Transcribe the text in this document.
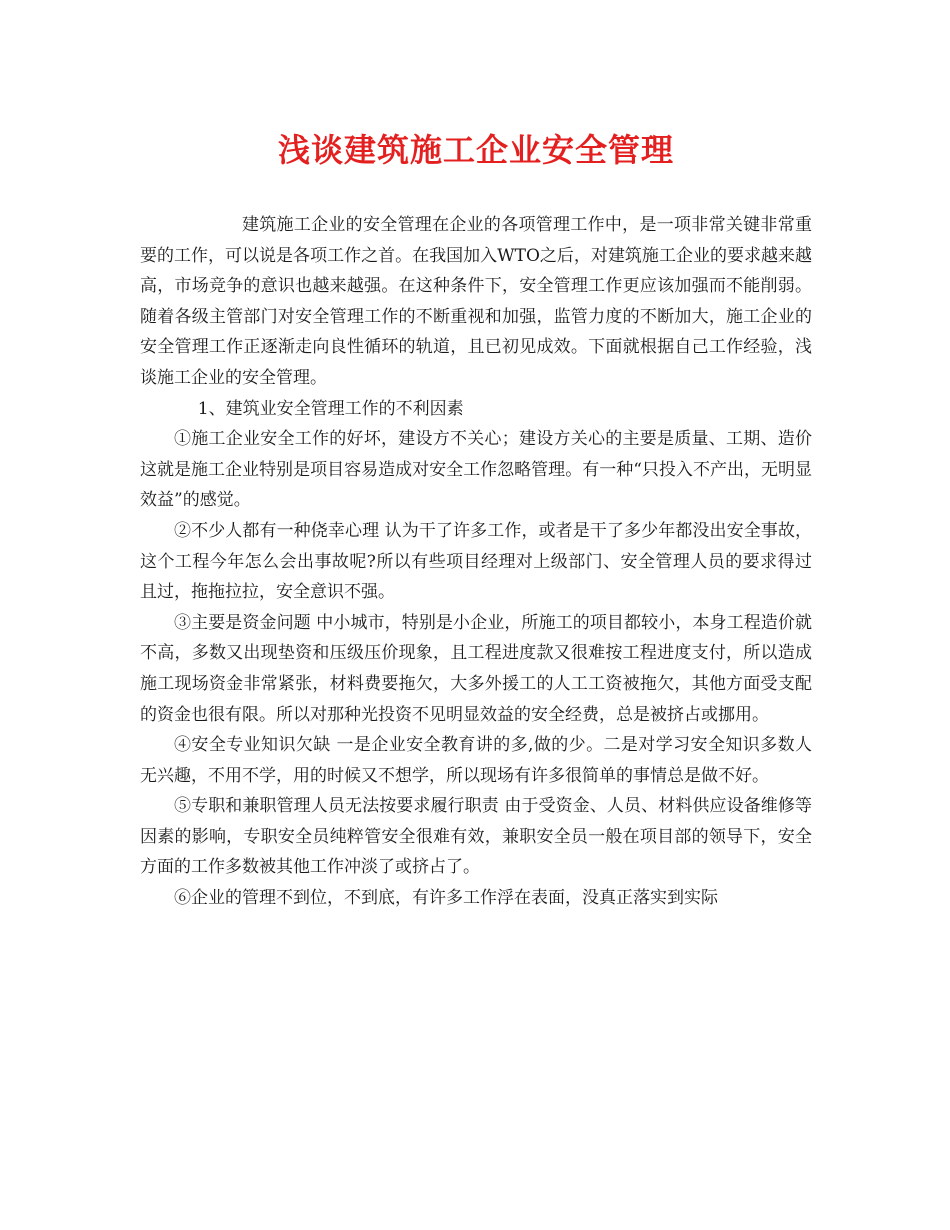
浅谈建筑施工企业安全管理

建筑施工企业的安全管理在企业的各项管理工作中，是一项非常关键非常重要的工作，可以说是各项工作之首。在我国加入WTO之后，对建筑施工企业的要求越来越高，市场竞争的意识也越来越强。在这种条件下，安全管理工作更应该加强而不能削弱。随着各级主管部门对安全管理工作的不断重视和加强，监管力度的不断加大，施工企业的安全管理工作正逐渐走向良性循环的轨道，且已初见成效。下面就根据自己工作经验，浅谈施工企业的安全管理。

1、建筑业安全管理工作的不利因素

①施工企业安全工作的好坏，建设方不关心；建设方关心的主要是质量、工期、造价 这就是施工企业特别是项目容易造成对安全工作忽略管理。有一种“只投入不产出，无明显效益”的感觉。

②不少人都有一种侥幸心理 认为干了许多工作，或者是干了多少年都没出安全事故，这个工程今年怎么会出事故呢?所以有些项目经理对上级部门、安全管理人员的要求得过且过，拖拖拉拉，安全意识不强。

③主要是资金问题 中小城市，特别是小企业，所施工的项目都较小，本身工程造价就不高，多数又出现垫资和压级压价现象，且工程进度款又很难按工程进度支付，所以造成施工现场资金非常紧张，材料费要拖欠，大多外援工的人工工资被拖欠，其他方面受支配的资金也很有限。所以对那种光投资不见明显效益的安全经费，总是被挤占或挪用。

④安全专业知识欠缺 一是企业安全教育讲的多,做的少。二是对学习安全知识多数人无兴趣，不用不学，用的时候又不想学，所以现场有许多很简单的事情总是做不好。

⑤专职和兼职管理人员无法按要求履行职责 由于受资金、人员、材料供应设备维修等因素的影响，专职安全员纯粹管安全很难有效，兼职安全员一般在项目部的领导下，安全方面的工作多数被其他工作冲淡了或挤占了。

⑥企业的管理不到位，不到底，有许多工作浮在表面，没真正落实到实际
